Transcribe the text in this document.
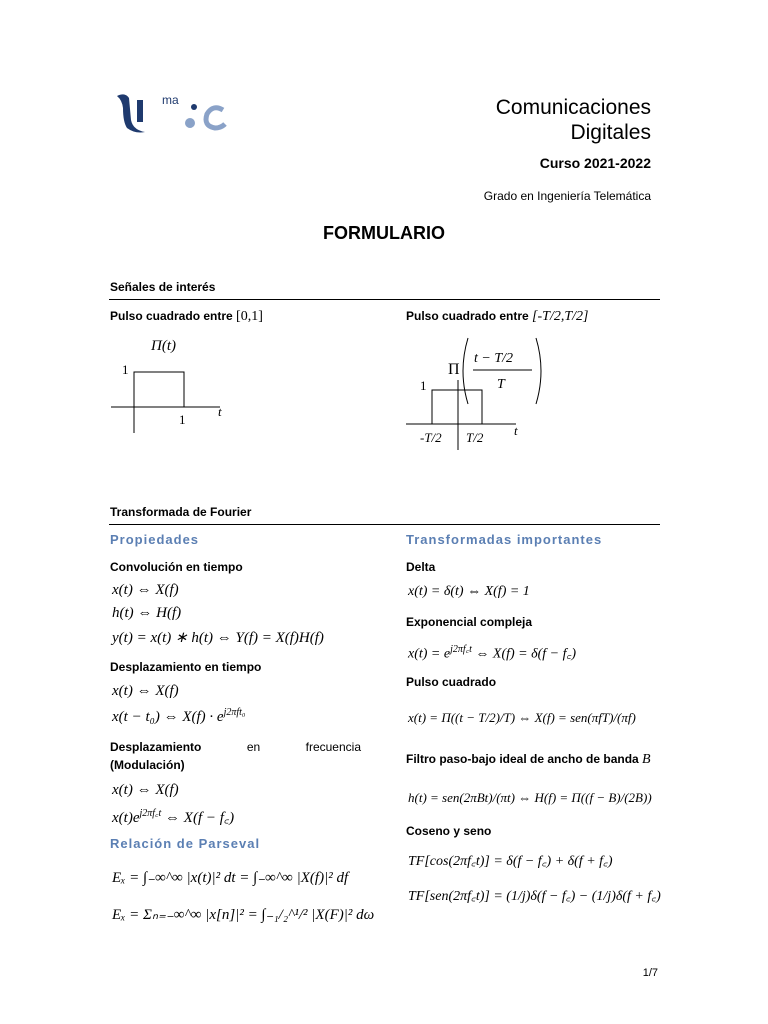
ma	Comunicaciones
Digitales
Curso 2021-2022
Grado en Ingeniería Telemática
FORMULARIO
Señales de interés
Pulso cuadrado entre [0,1]
Π(t)
1
1
t
Pulso cuadrado entre [-T/2,T/2]
Π
t − T/2
T
1
-T/2 T/2 t
Transformada de Fourier
Propiedades	Transformadas importantes
Convolución en tiempo
x(t) ⇔ X(f)
h(t) ⇔ H(f)
y(t) = x(t) ∗ h(t) ⇔ Y(f) = X(f)H(f)
Desplazamiento en tiempo
x(t) ⇔ X(f)
x(t − t₀) ⇔ $X(f) \cdot e^{j2\pi ft_0}$
Desplazamiento	en	frecuencia
(Modulación)
x(t) ⇔ X(f)
$x(t)e^{j2\pi f꜀t}$ ⇔ X(f − f꜀)
Relación de Parseval
Eₓ = ∫₋∞^∞ |x(t)|² dt = ∫₋∞^∞ |X(f)|² df
Eₓ = Σₙ₌₋∞^∞ |x[n]|² = ∫₋₁/₂^¹/² |X(F)|² dω
Delta
x(t) = δ(t) ⇔ X(f) = 1
Exponencial compleja
$x(t) = e^{j2\pi f꜀t}$ ⇔ X(f) = δ(f − f꜀)
Pulso cuadrado
x(t) = Π((t − T/2)/T) ⇔ X(f) = sen(πfT)/(πf)
Filtro paso-bajo ideal de ancho de banda B
h(t) = sen(2πBt)/(πt) ⇔ H(f) = Π((f − B)/(2B))
Coseno y seno
TF[cos(2πf꜀t)] = δ(f − f꜀) + δ(f + f꜀)
TF[sen(2πf꜀t)] = (1/j)δ(f − f꜀) − (1/j)δ(f + f꜀)
1/7
